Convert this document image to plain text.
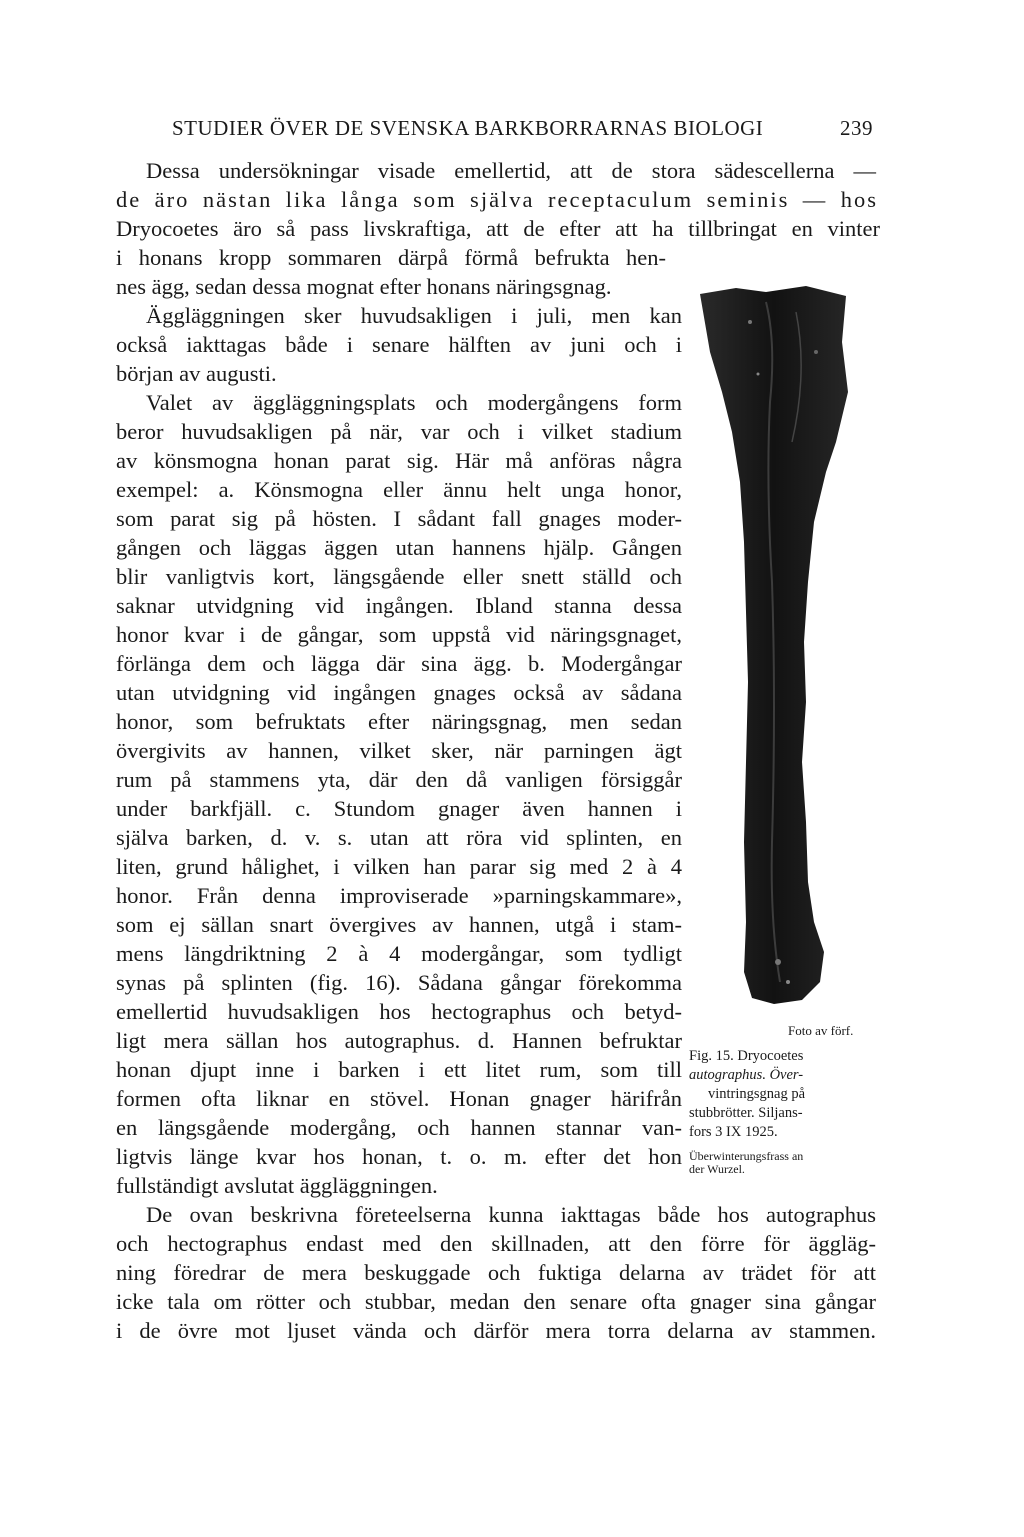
STUDIER ÖVER DE SVENSKA BARKBORRARNAS BIOLOGI	239
Dessa undersökningar visade emellertid, att de stora sädescellerna —
de äro nästan lika långa som själva receptaculum seminis — hos
Dryocoetes äro så pass livskraftiga, att de efter att ha tillbringat en vinter
i honans kropp sommaren därpå förmå befrukta hen-
nes ägg, sedan dessa mognat efter honans näringsgnag.
Äggläggningen sker huvudsakligen i juli, men kan
också iakttagas både i senare hälften av juni och i
början av augusti.
Valet av äggläggningsplats och modergångens form
beror huvudsakligen på när, var och i vilket stadium
av könsmogna honan parat sig. Här må anföras några
exempel: a. Könsmogna eller ännu helt unga honor,
som parat sig på hösten. I sådant fall gnages moder-
gången och läggas äggen utan hannens hjälp. Gången
blir vanligtvis kort, längsgående eller snett ställd och
saknar utvidgning vid ingången. Ibland stanna dessa
honor kvar i de gångar, som uppstå vid näringsgnaget,
förlänga dem och lägga där sina ägg. b. Modergångar
utan utvidgning vid ingången gnages också av sådana
honor, som befruktats efter näringsgnag, men sedan
övergivits av hannen, vilket sker, när parningen ägt
rum på stammens yta, där den då vanligen försiggår
under barkfjäll. c. Stundom gnager även hannen i
själva barken, d. v. s. utan att röra vid splinten, en
liten, grund hålighet, i vilken han parar sig med 2 à 4
honor. Från denna improviserade »parningskammare»,
som ej sällan snart övergives av hannen, utgå i stam-
mens längdriktning 2 à 4 modergångar, som tydligt
synas på splinten (fig. 16). Sådana gångar förekomma
emellertid huvudsakligen hos hectographus och betyd-
ligt mera sällan hos autographus. d. Hannen befruktar
honan djupt inne i barken i ett litet rum, som till
formen ofta liknar en stövel. Honan gnager härifrån
en längsgående modergång, och hannen stannar van-
ligtvis länge kvar hos honan, t. o. m. efter det hon
fullständigt avslutat äggläggningen.
De ovan beskrivna företeelserna kunna iakttagas både hos autographus
och hectographus endast med den skillnaden, att den förre för äggläg-
ning föredrar de mera beskuggade och fuktiga delarna av trädet för att
icke tala om rötter och stubbar, medan den senare ofta gnager sina gångar
i de övre mot ljuset vända och därför mera torra delarna av stammen.
Foto av förf.
Fig. 15. Dryocoetes
autographus. Över-
vintringsgnag på
stubbrötter. Siljans-
fors 3 IX 1925.
Überwinterungsfrass an
der Wurzel.
